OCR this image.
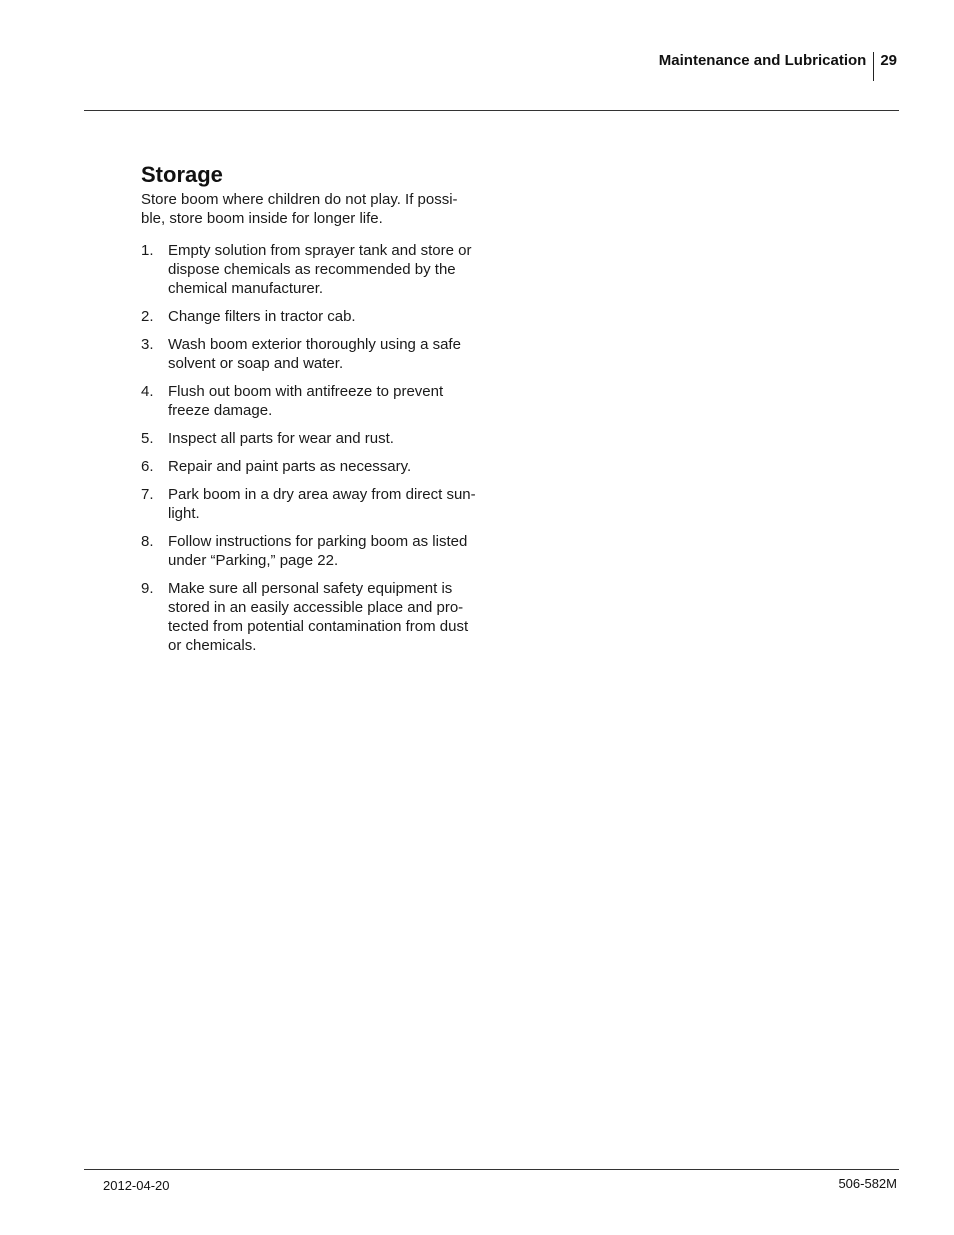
Maintenance and Lubrication 29
Storage

Store boom where children do not play. If possi-ble, store boom inside for longer life.

1. Empty solution from sprayer tank and store or dispose chemicals as recommended by the chemical manufacturer.
2. Change filters in tractor cab.
3. Wash boom exterior thoroughly using a safe solvent or soap and water.
4. Flush out boom with antifreeze to prevent freeze damage.
5. Inspect all parts for wear and rust.
6. Repair and paint parts as necessary.
7. Park boom in a dry area away from direct sun-light.
8. Follow instructions for parking boom as listed under “Parking,” page 22.
9. Make sure all personal safety equipment is stored in an easily accessible place and pro-tected from potential contamination from dust or chemicals.
2012-04-20	506-582M
